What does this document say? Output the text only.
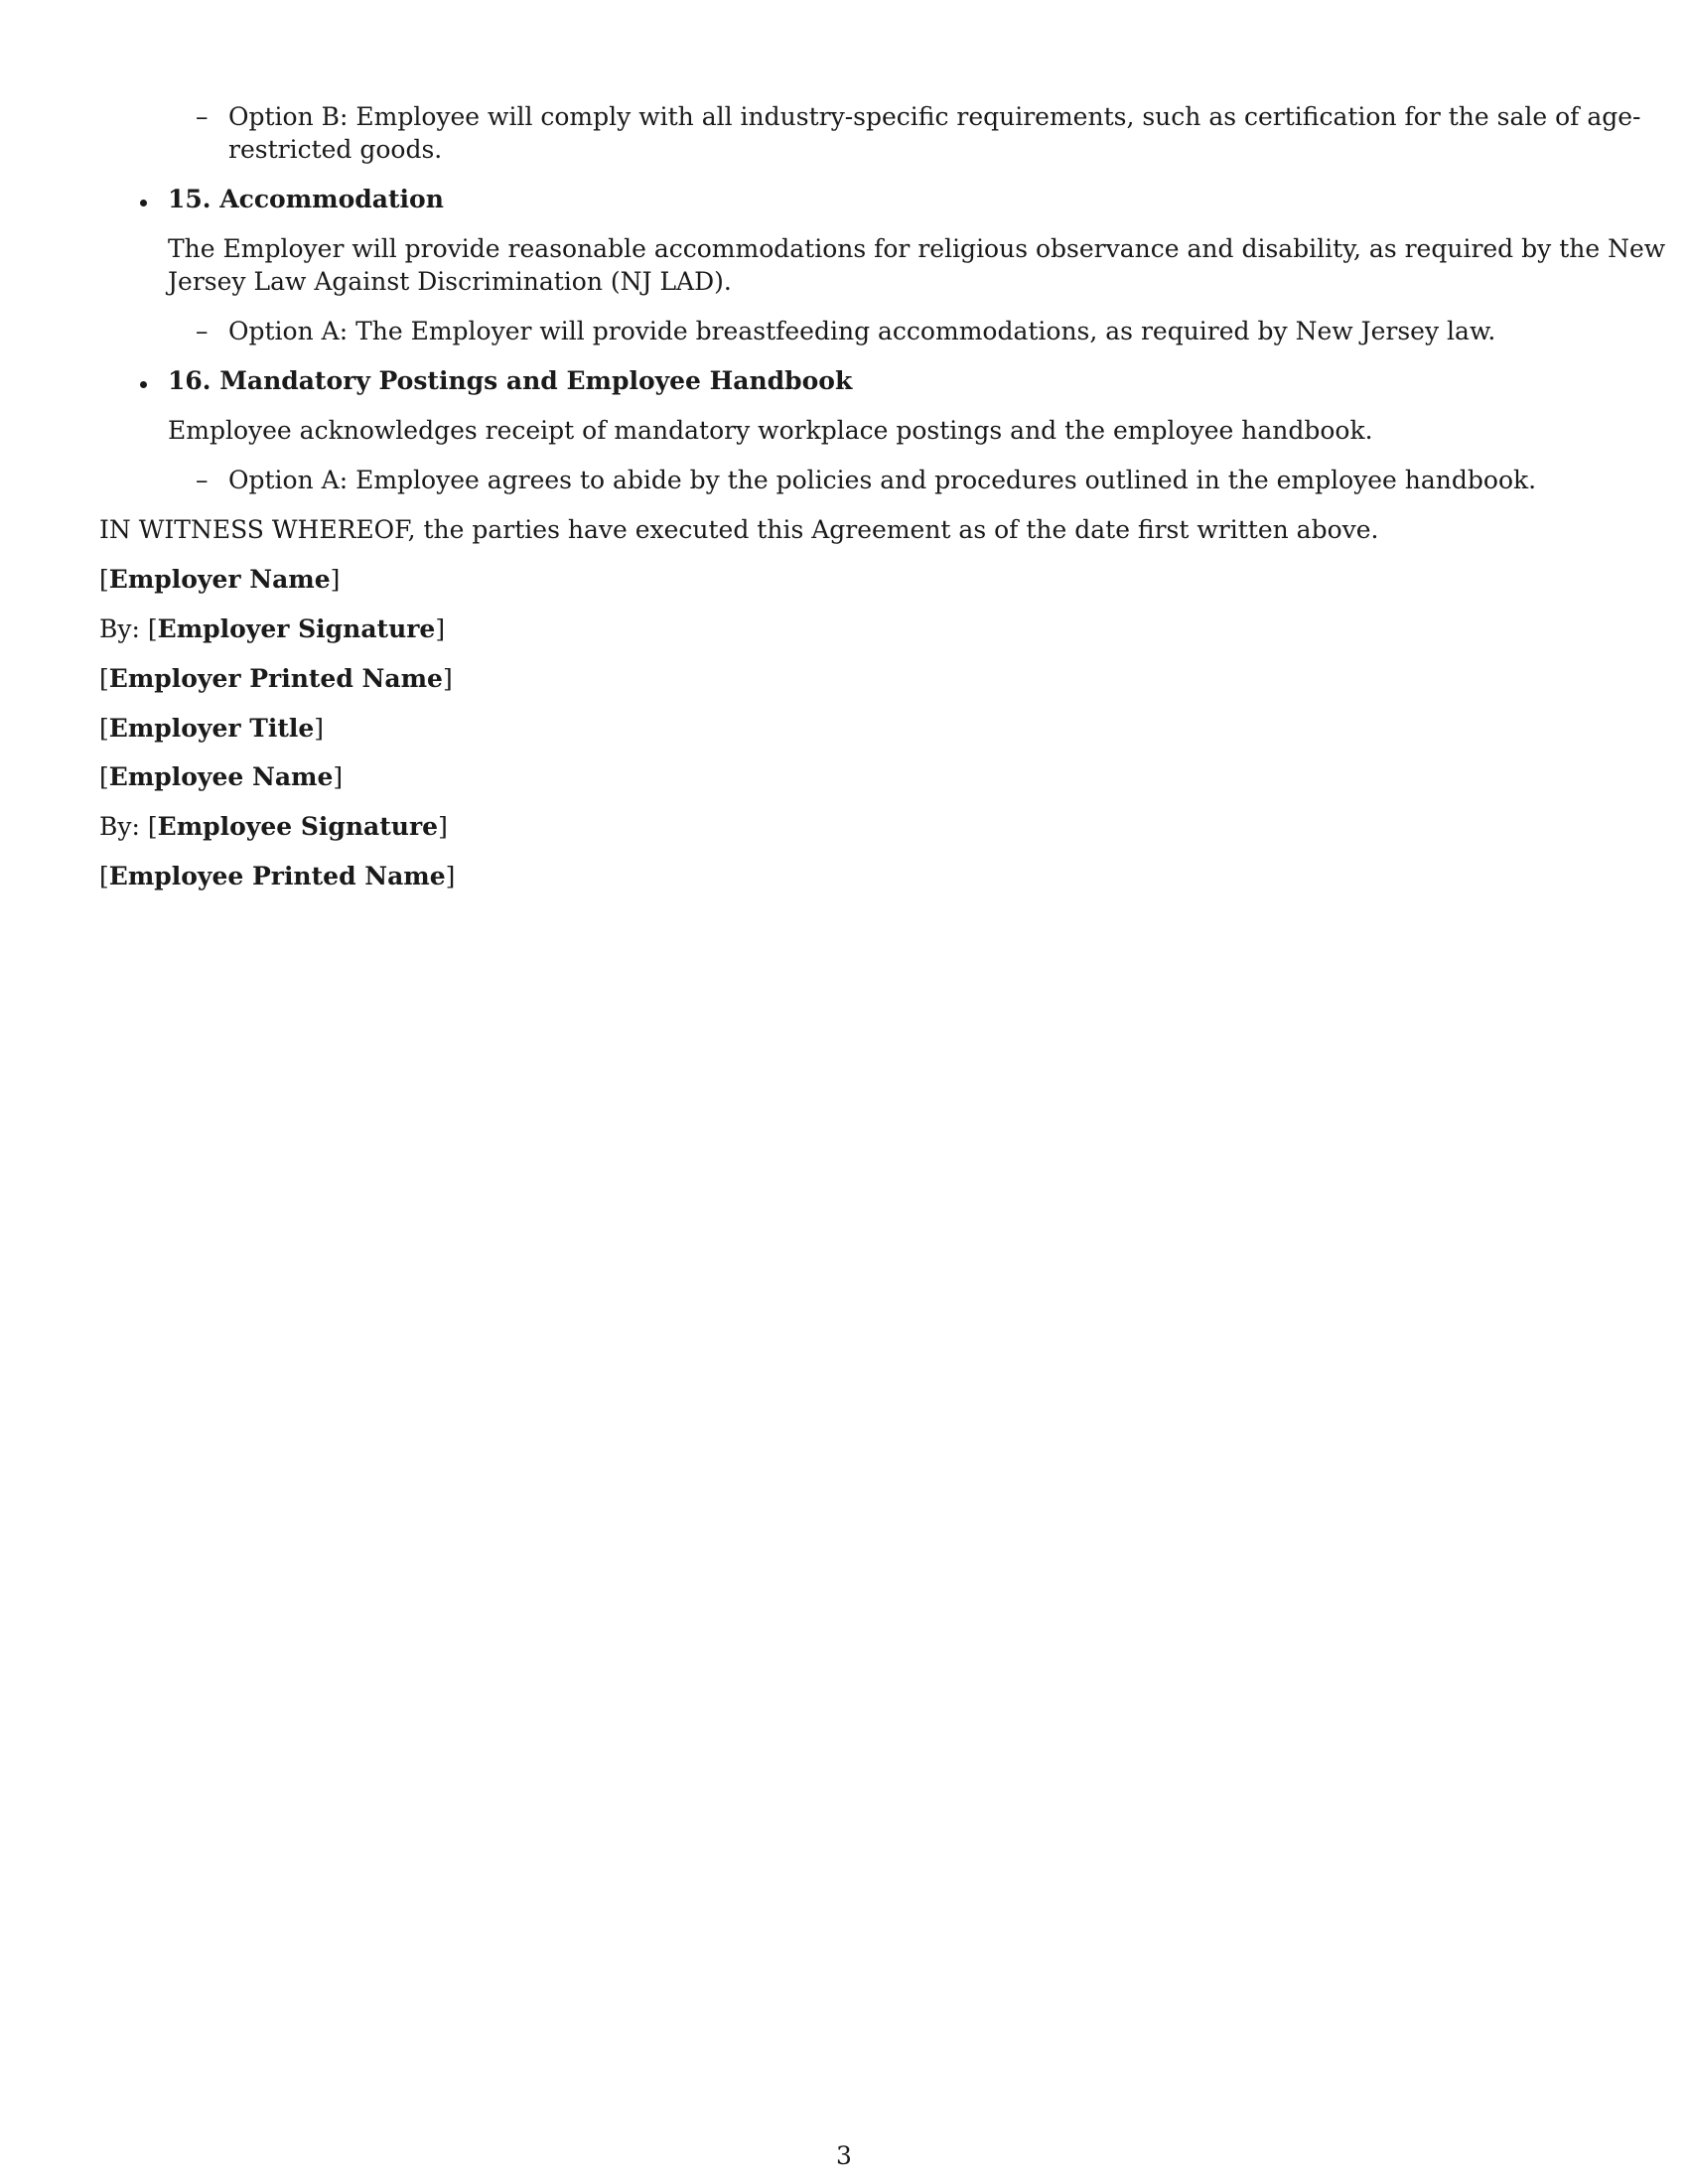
– Option B: Employee will comply with all industry-specific requirements, such as certification for the sale of age-restricted goods.
15. Accommodation
The Employer will provide reasonable accommodations for religious observance and disability, as required by the New Jersey Law Against Discrimination (NJ LAD).
– Option A: The Employer will provide breastfeeding accommodations, as required by New Jersey law.
16. Mandatory Postings and Employee Handbook
Employee acknowledges receipt of mandatory workplace postings and the employee handbook.
– Option A: Employee agrees to abide by the policies and procedures outlined in the employee handbook.
IN WITNESS WHEREOF, the parties have executed this Agreement as of the date first written above.
[Employer Name]
By: [Employer Signature]
[Employer Printed Name]
[Employer Title]
[Employee Name]
By: [Employee Signature]
[Employee Printed Name]
3
